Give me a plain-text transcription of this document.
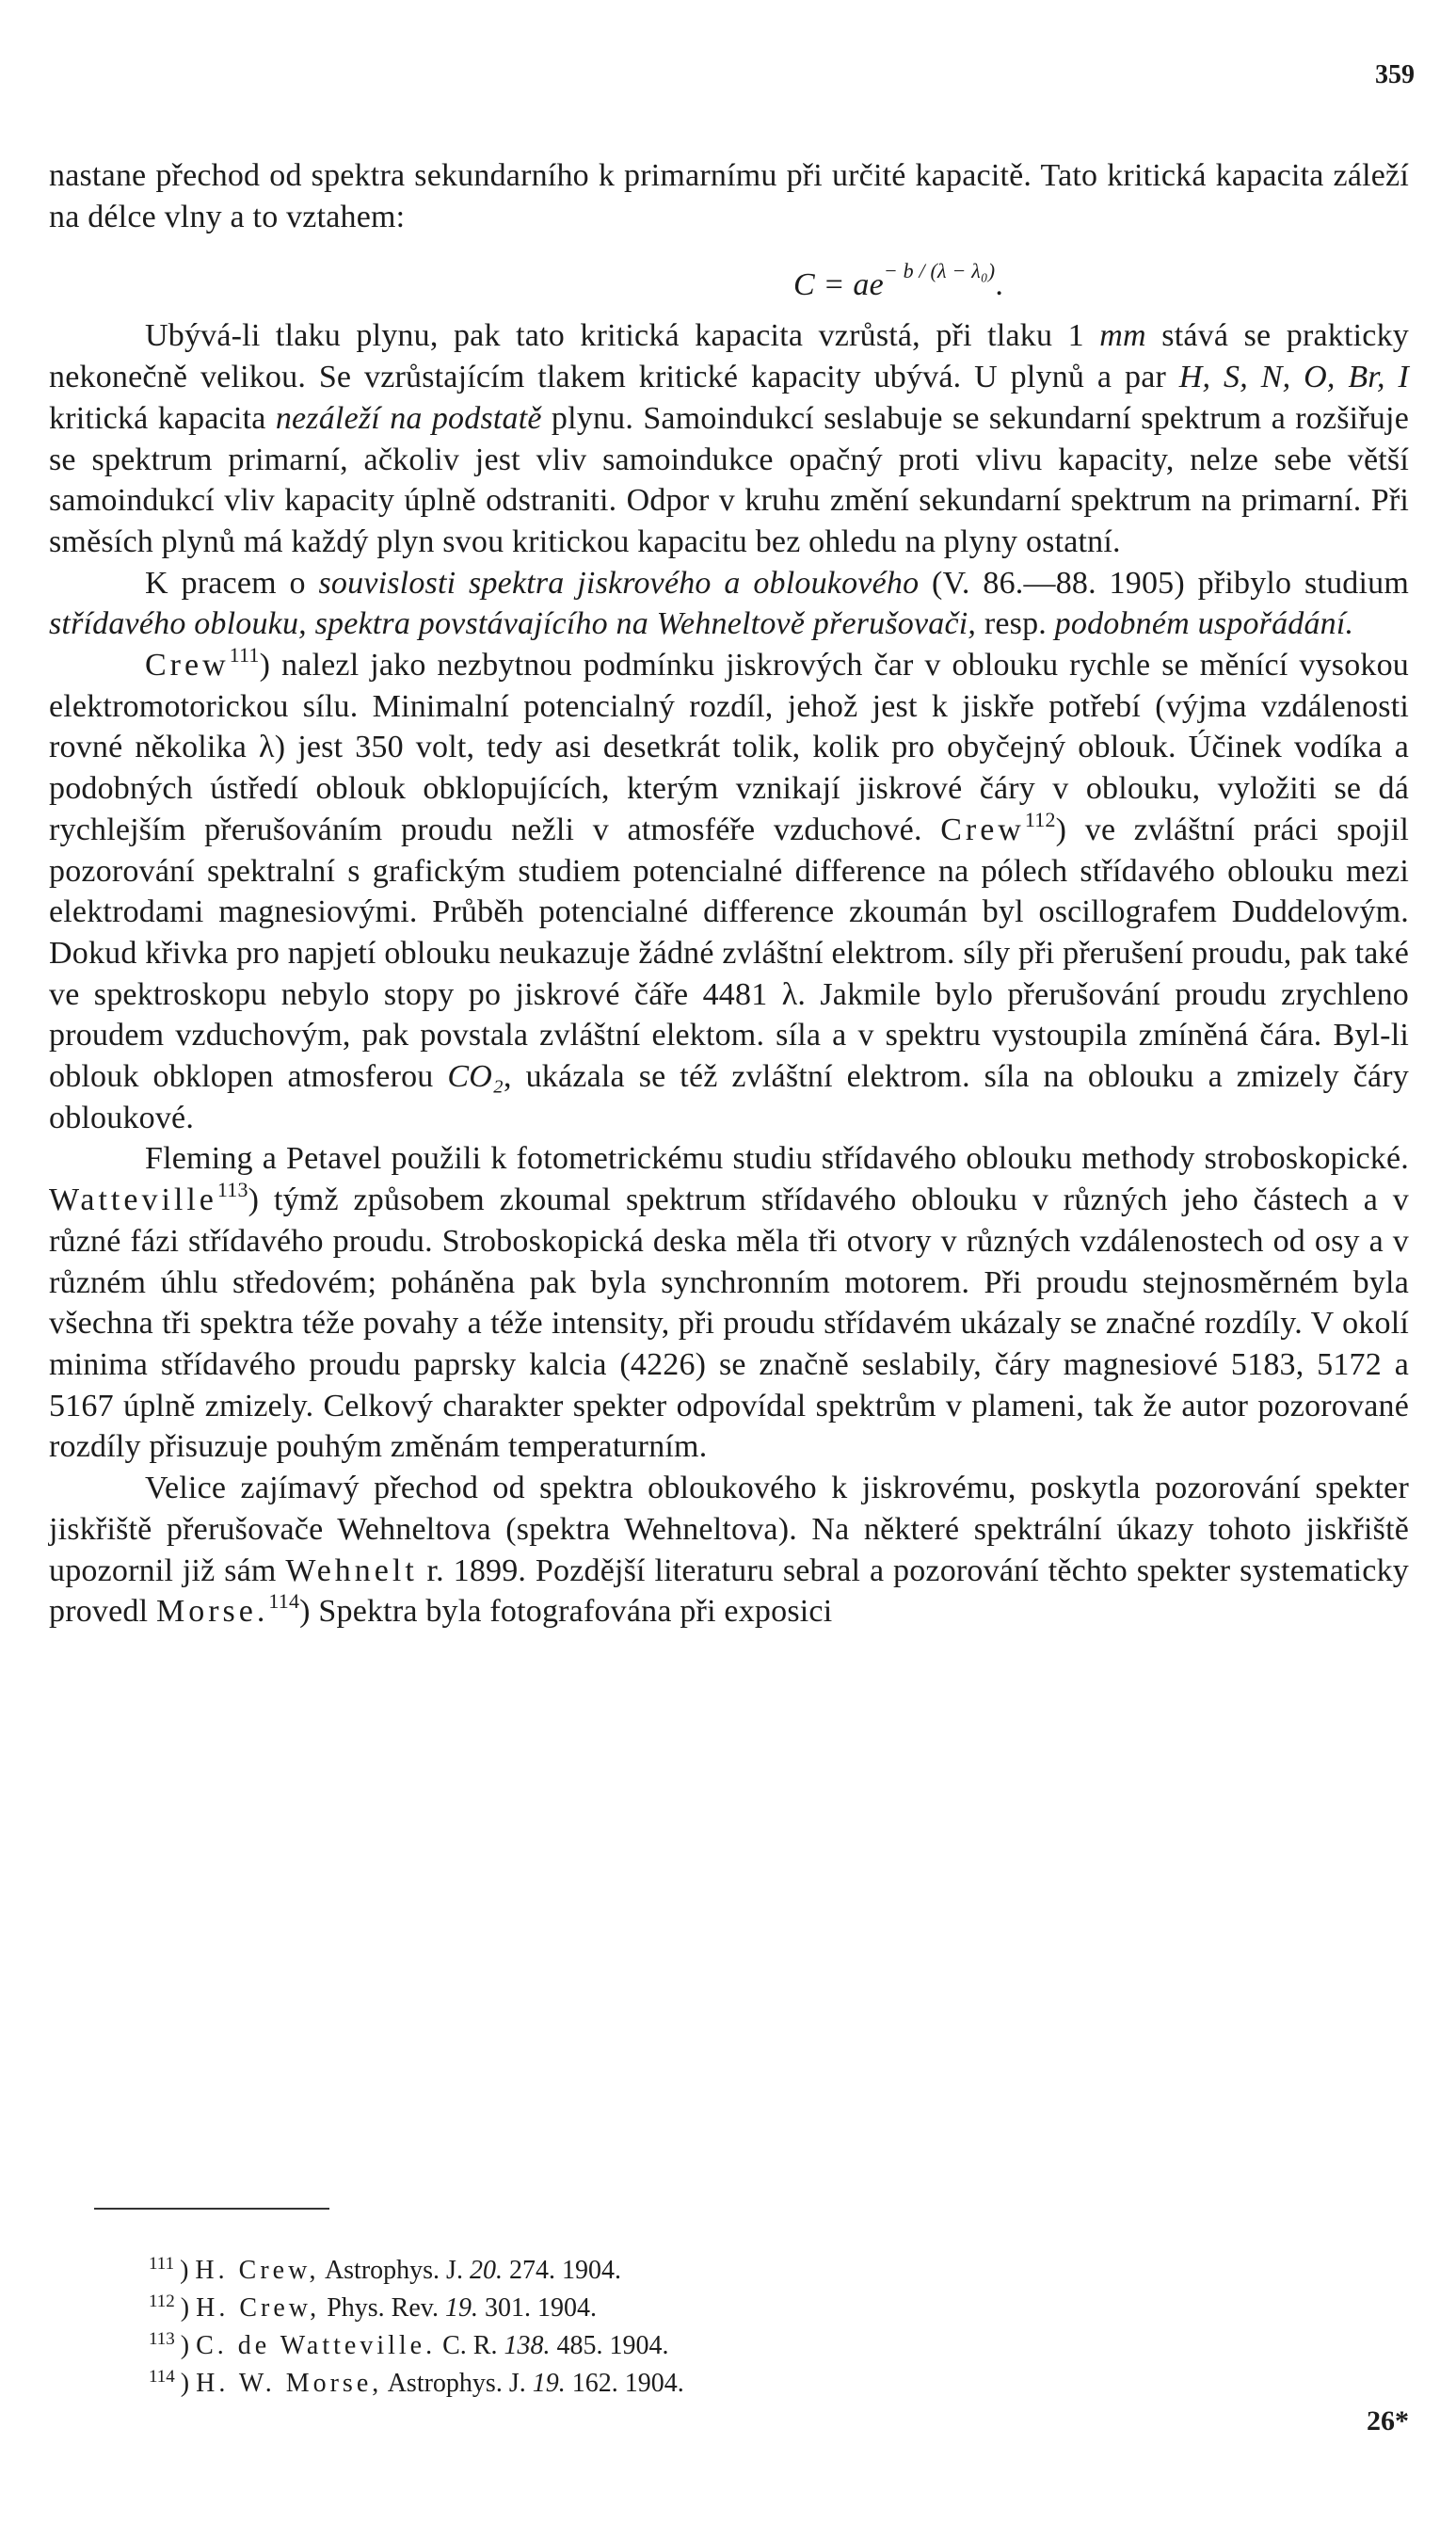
359

nastane přechod od spektra sekundarního k primarnímu při určité kapacitě. Tato kritická kapacita záleží na délce vlny a to vztahem:

$C = ae^{- b / (\lambda - \lambda_0)}$.

Ubývá-li tlaku plynu, pak tato kritická kapacita vzrůstá, při tlaku 1 mm stává se prakticky nekonečně velikou. Se vzrůstajícím tlakem kritické kapacity ubývá. U plynů a par H, S, N, O, Br, I kritická kapacita nezáleží na podstatě plynu. Samoindukcí seslabuje se sekundarní spektrum a rozšiřuje se spektrum primarní, ačkoliv jest vliv samoindukce opačný proti vlivu kapacity, nelze sebe větší samoindukcí vliv kapacity úplně odstraniti. Odpor v kruhu změní sekundarní spektrum na primarní. Při směsích plynů má každý plyn svou kritickou kapacitu bez ohledu na plyny ostatní.

K pracem o souvislosti spektra jiskrového a obloukového (V. 86.—88. 1905) přibylo studium střídavého oblouku, spektra povstávajícího na Wehneltově přerušovači, resp. podobném uspořádání.

Crew$^{111}$) nalezl jako nezbytnou podmínku jiskrových čar v oblouku rychle se měnící vysokou elektromotorickou sílu. Minimalní potencialný rozdíl, jehož jest k jiskře potřebí (výjma vzdálenosti rovné několika λ) jest 350 volt, tedy asi desetkrát tolik, kolik pro obyčejný oblouk. Účinek vodíka a podobných ústředí oblouk obklopujících, kterým vznikají jiskrové čáry v oblouku, vyložiti se dá rychlejším přerušováním proudu nežli v atmosféře vzduchové. Crew$^{112}$) ve zvláštní práci spojil pozorování spektralní s grafickým studiem potencialné difference na pólech střídavého oblouku mezi elektrodami magnesiovými. Průběh potencialné difference zkoumán byl oscillografem Duddelovým. Dokud křivka pro napjetí oblouku neukazuje žádné zvláštní elektrom. síly při přerušení proudu, pak také ve spektroskopu nebylo stopy po jiskrové čáře 4481 λ. Jakmile bylo přerušování proudu zrychleno proudem vzduchovým, pak povstala zvláštní elektom. síla a v spektru vystoupila zmíněná čára. Byl-li oblouk obklopen atmosferou CO₂, ukázala se též zvláštní elektrom. síla na oblouku a zmizely čáry obloukové.

Fleming a Petavel použili k fotometrickému studiu střídavého oblouku methody stroboskopické. Watteville$^{113}$) týmž způsobem zkoumal spektrum střídavého oblouku v různých jeho částech a v různé fázi střídavého proudu. Stroboskopická deska měla tři otvory v různých vzdálenostech od osy a v různém úhlu středovém; poháněna pak byla synchronním motorem. Při proudu stejnosměrném byla všechna tři spektra téže povahy a téže intensity, při proudu střídavém ukázaly se značné rozdíly. V okolí minima střídavého proudu paprsky kalcia (4226) se značně seslabily, čáry magnesiové 5183, 5172 a 5167 úplně zmizely. Celkový charakter spekter odpovídal spektrům v plameni, tak že autor pozorované rozdíly přisuzuje pouhým změnám temperaturním.

Velice zajímavý přechod od spektra obloukového k jiskrovému, poskytla pozorování spekter jiskřiště přerušovače Wehneltova (spektra Wehneltova). Na některé spektrální úkazy tohoto jiskřiště upozornil již sám Wehnelt r. 1899. Pozdější literaturu sebral a pozorování těchto spekter systematicky provedl Morse.$^{114}$) Spektra byla fotografována při exposici

$^{111}$ ) H. Crew, Astrophys. J. 20. 274. 1904.
$^{112}$ ) H. Crew, Phys. Rev. 19. 301. 1904.
$^{113}$ ) C. de Watteville. C. R. 138. 485. 1904.
$^{114}$ ) H. W. Morse, Astrophys. J. 19. 162. 1904.
26*
